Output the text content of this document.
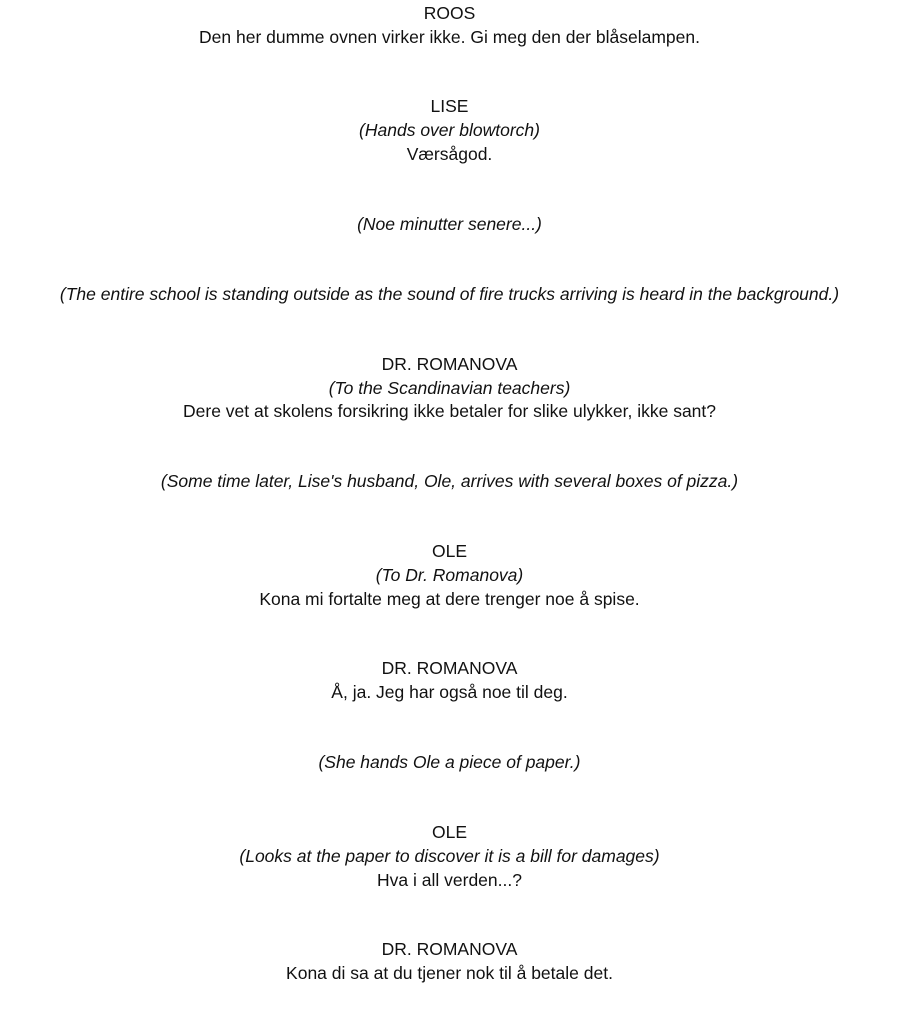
ROOS
Den her dumme ovnen virker ikke. Gi meg den der blåselampen.
LISE
(Hands over blowtorch)
Værsågod.
(Noe minutter senere...)
(The entire school is standing outside as the sound of fire trucks arriving is heard in the background.)
DR. ROMANOVA
(To the Scandinavian teachers)
Dere vet at skolens forsikring ikke betaler for slike ulykker, ikke sant?
(Some time later, Lise's husband, Ole, arrives with several boxes of pizza.)
OLE
(To Dr. Romanova)
Kona mi fortalte meg at dere trenger noe å spise.
DR. ROMANOVA
Å, ja. Jeg har også noe til deg.
(She hands Ole a piece of paper.)
OLE
(Looks at the paper to discover it is a bill for damages)
Hva i all verden...?
DR. ROMANOVA
Kona di sa at du tjener nok til å betale det.
